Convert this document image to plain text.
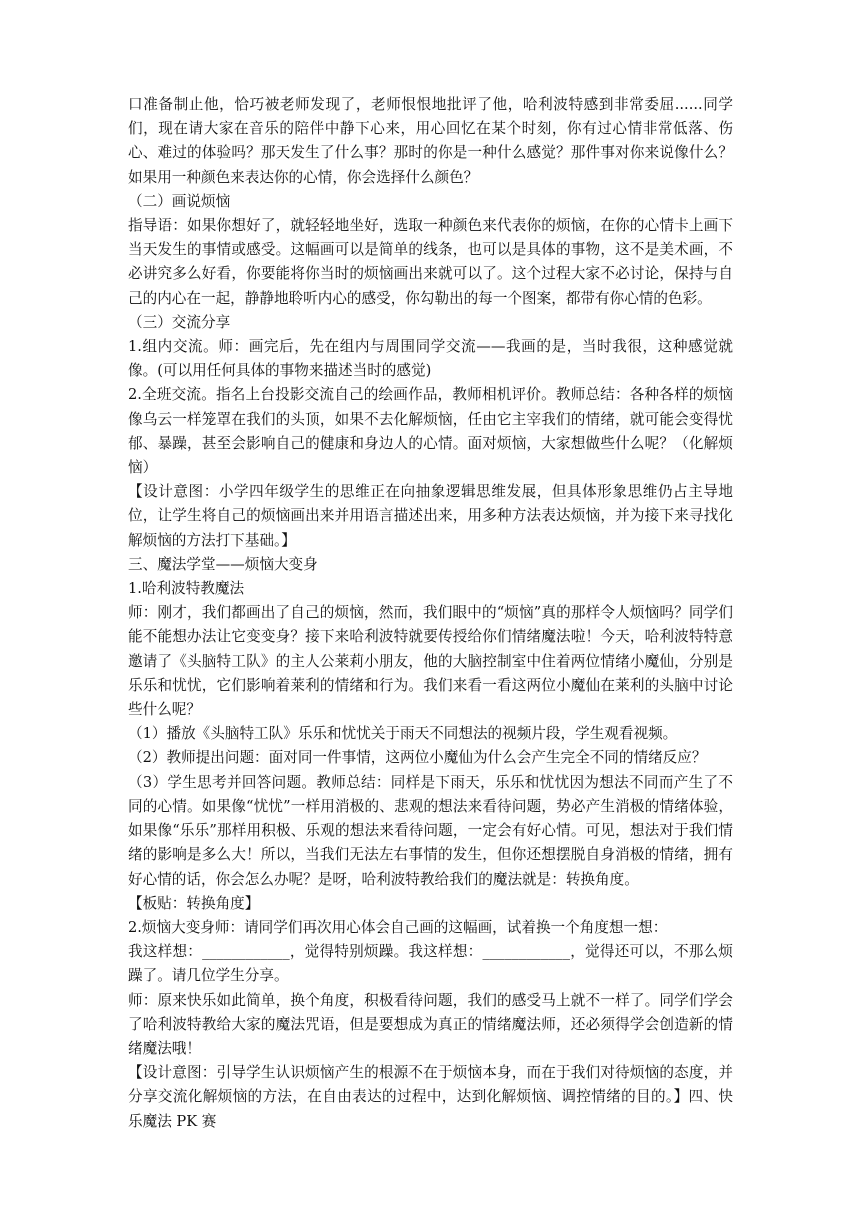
口准备制止他，恰巧被老师发现了，老师恨恨地批评了他，哈利波特感到非常委屈......同学们，现在请大家在音乐的陪伴中静下心来，用心回忆在某个时刻，你有过心情非常低落、伤心、难过的体验吗？那天发生了什么事？那时的你是一种什么感觉？那件事对你来说像什么？如果用一种颜色来表达你的心情，你会选择什么颜色？

（二）画说烦恼

指导语：如果你想好了，就轻轻地坐好，选取一种颜色来代表你的烦恼，在你的心情卡上画下当天发生的事情或感受。这幅画可以是简单的线条，也可以是具体的事物，这不是美术画，不必讲究多么好看，你要能将你当时的烦恼画出来就可以了。这个过程大家不必讨论，保持与自己的内心在一起，静静地聆听内心的感受，你勾勒出的每一个图案，都带有你心情的色彩。

（三）交流分享

1.组内交流。师：画完后，先在组内与周围同学交流——我画的是，当时我很，这种感觉就像。(可以用任何具体的事物来描述当时的感觉)

2.全班交流。指名上台投影交流自己的绘画作品，教师相机评价。教师总结：各种各样的烦恼像乌云一样笼罩在我们的头顶，如果不去化解烦恼，任由它主宰我们的情绪，就可能会变得忧郁、暴躁，甚至会影响自己的健康和身边人的心情。面对烦恼，大家想做些什么呢？（化解烦恼）

【设计意图：小学四年级学生的思维正在向抽象逻辑思维发展，但具体形象思维仍占主导地位，让学生将自己的烦恼画出来并用语言描述出来，用多种方法表达烦恼，并为接下来寻找化解烦恼的方法打下基础。】

三、魔法学堂——烦恼大变身

1.哈利波特教魔法

师：刚才，我们都画出了自己的烦恼，然而，我们眼中的“烦恼”真的那样令人烦恼吗？同学们能不能想办法让它变变身？接下来哈利波特就要传授给你们情绪魔法啦！今天，哈利波特特意邀请了《头脑特工队》的主人公莱莉小朋友，他的大脑控制室中住着两位情绪小魔仙，分别是乐乐和忧忧，它们影响着莱利的情绪和行为。我们来看一看这两位小魔仙在莱利的头脑中讨论些什么呢？

（1）播放《头脑特工队》乐乐和忧忧关于雨天不同想法的视频片段，学生观看视频。

（2）教师提出问题：面对同一件事情，这两位小魔仙为什么会产生完全不同的情绪反应？

（3）学生思考并回答问题。教师总结：同样是下雨天，乐乐和忧忧因为想法不同而产生了不同的心情。如果像“忧忧”一样用消极的、悲观的想法来看待问题，势必产生消极的情绪体验，如果像“乐乐”那样用积极、乐观的想法来看待问题，一定会有好心情。可见，想法对于我们情绪的影响是多么大！所以，当我们无法左右事情的发生，但你还想摆脱自身消极的情绪，拥有好心情的话，你会怎么办呢？是呀，哈利波特教给我们的魔法就是：转换角度。

【板贴：转换角度】

2.烦恼大变身师：请同学们再次用心体会自己画的这幅画，试着换一个角度想一想：

我这样想：____________，觉得特别烦躁。我这样想：____________，觉得还可以，不那么烦躁了。请几位学生分享。

师：原来快乐如此简单，换个角度，积极看待问题，我们的感受马上就不一样了。同学们学会了哈利波特教给大家的魔法咒语，但是要想成为真正的情绪魔法师，还必须得学会创造新的情绪魔法哦！

【设计意图：引导学生认识烦恼产生的根源不在于烦恼本身，而在于我们对待烦恼的态度，并分享交流化解烦恼的方法，在自由表达的过程中，达到化解烦恼、调控情绪的目的。】四、快乐魔法 PK 赛
